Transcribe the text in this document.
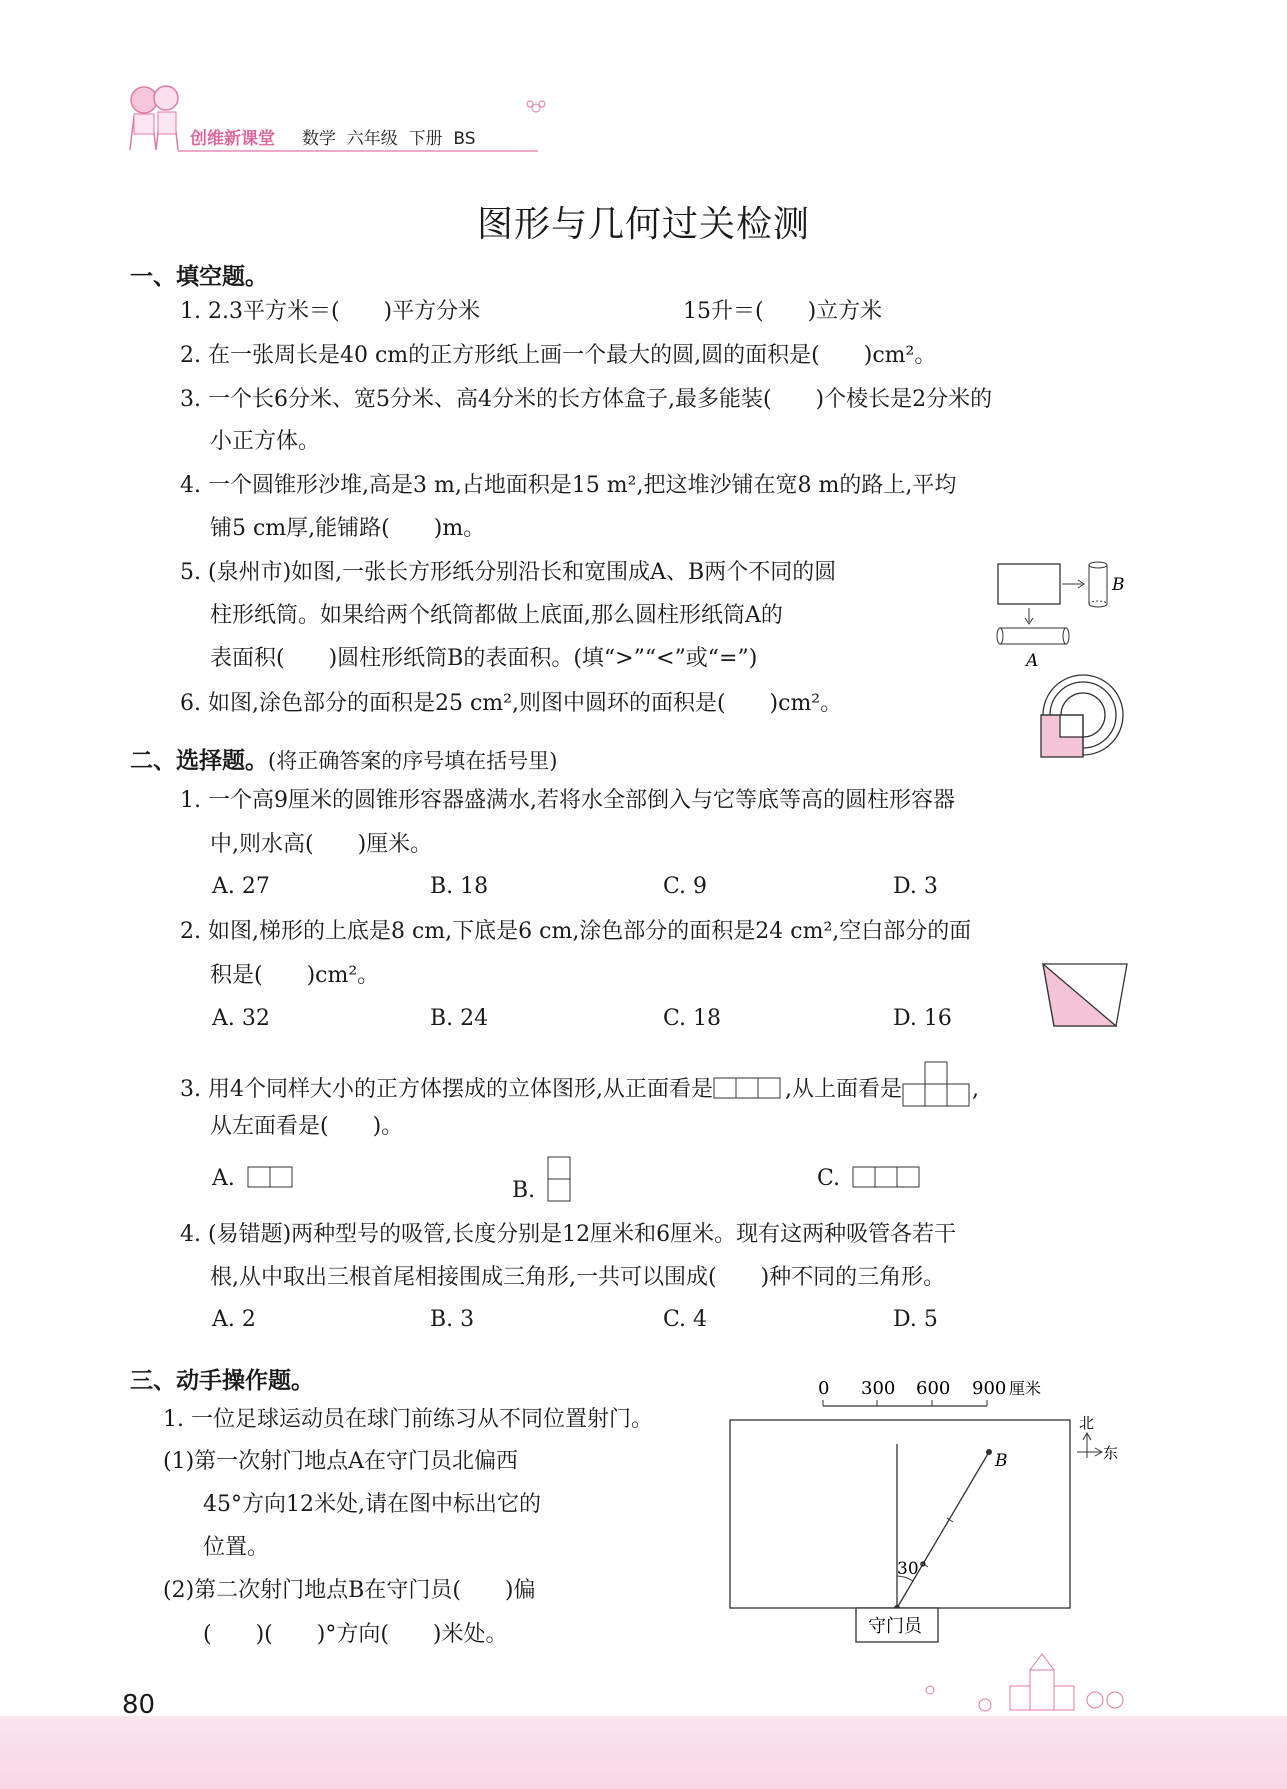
创维新课堂 数学  六年级  下册  BS
图形与几何过关检测
一、填空题。
1. 2.3平方米＝(　　)平方分米	15升＝(　　)立方米
2. 在一张周长是40 cm的正方形纸上画一个最大的圆,圆的面积是(　　)cm²。
3. 一个长6分米、宽5分米、高4分米的长方体盒子,最多能装(　　)个棱长是2分米的
小正方体。
4. 一个圆锥形沙堆,高是3 m,占地面积是15 m²,把这堆沙铺在宽8 m的路上,平均
铺5 cm厚,能铺路(　　)m。
5. (泉州市)如图,一张长方形纸分别沿长和宽围成A、B两个不同的圆
柱形纸筒。如果给两个纸筒都做上底面,那么圆柱形纸筒A的
表面积(　　)圆柱形纸筒B的表面积。(填“>”“<”或“=”)
B
A
6. 如图,涂色部分的面积是25 cm²,则图中圆环的面积是(　　)cm²。
二、选择题。(将正确答案的序号填在括号里)
1. 一个高9厘米的圆锥形容器盛满水,若将水全部倒入与它等底等高的圆柱形容器
中,则水高(　　)厘米。
A. 27	B. 18	C. 9	D. 3
2. 如图,梯形的上底是8 cm,下底是6 cm,涂色部分的面积是24 cm²,空白部分的面
积是(　　)cm²。
A. 32	B. 24	C. 18	D. 16
3. 用4个同样大小的正方体摆成的立体图形,从正面看是	,从上面看是	,
从左面看是(　　)。
A.	B.	C.
4. (易错题)两种型号的吸管,长度分别是12厘米和6厘米。现有这两种吸管各若干
根,从中取出三根首尾相接围成三角形,一共可以围成(　　)种不同的三角形。
A. 2	B. 3	C. 4	D. 5
三、动手操作题。
1. 一位足球运动员在球门前练习从不同位置射门。
(1)第一次射门地点A在守门员北偏西
45°方向12米处,请在图中标出它的
位置。
(2)第二次射门地点B在守门员(　　)偏
(　　)(　　)°方向(　　)米处。
0 300 600 900 厘米
北
东
B
30°
守门员
80
